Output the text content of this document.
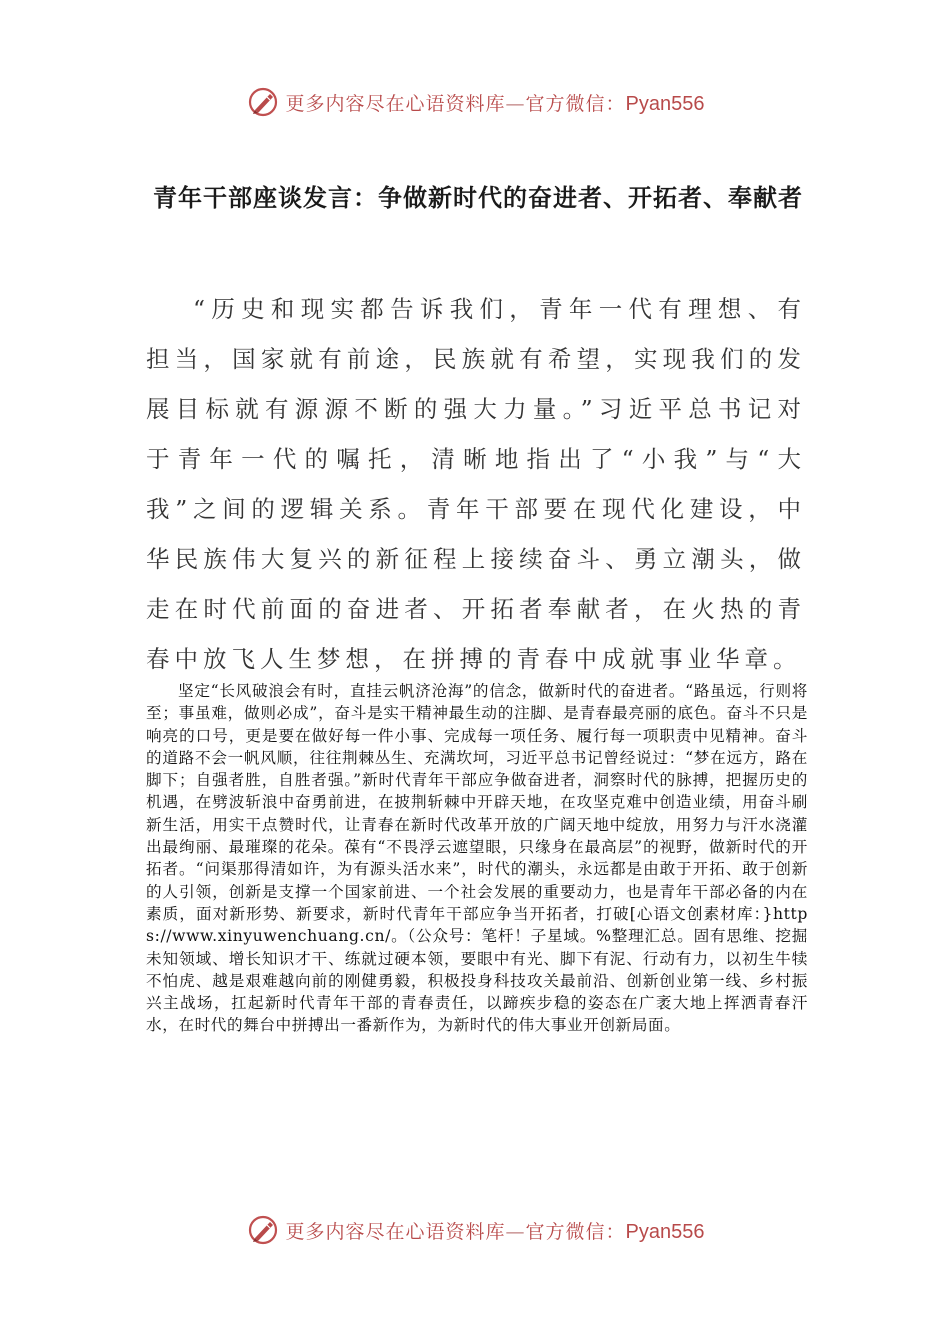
更多内容尽在心语资料库—官方微信：Pyan556
青年干部座谈发言：争做新时代的奋进者、开拓者、奉献者

“历史和现实都告诉我们，青年一代有理想、有担当，国家就有前途，民族就有希望，实现我们的发展目标就有源源不断的强大力量。”习近平总书记对于青年一代的嘱托，清晰地指出了“小我”与“大我”之间的逻辑关系。青年干部要在现代化建设，中华民族伟大复兴的新征程上接续奋斗、勇立潮头，做走在时代前面的奋进者、开拓者奉献者，在火热的青春中放飞人生梦想，在拼搏的青春中成就事业华章。

坚定“长风破浪会有时，直挂云帆济沧海”的信念，做新时代的奋进者。“路虽远，行则将至；事虽难，做则必成”，奋斗是实干精神最生动的注脚、是青春最亮丽的底色。奋斗不只是响亮的口号，更是要在做好每一件小事、完成每一项任务、履行每一项职责中见精神。奋斗的道路不会一帆风顺，往往荆棘丛生、充满坎坷，习近平总书记曾经说过：“梦在远方，路在脚下；自强者胜，自胜者强。”新时代青年干部应争做奋进者，洞察时代的脉搏，把握历史的机遇，在劈波斩浪中奋勇前进，在披荆斩棘中开辟天地，在攻坚克难中创造业绩，用奋斗刷新生活，用实干点赞时代，让青春在新时代改革开放的广阔天地中绽放，用努力与汗水浇灌出最绚丽、最璀璨的花朵。葆有“不畏浮云遮望眼，只缘身在最高层”的视野，做新时代的开拓者。“问渠那得清如许，为有源头活水来”，时代的潮头，永远都是由敢于开拓、敢于创新的人引领，创新是支撑一个国家前进、一个社会发展的重要动力，也是青年干部必备的内在素质，面对新形势、新要求，新时代青年干部应争当开拓者，打破[心语文创素材库：}https://www.xinyuwenchuang.cn/。（公众号：笔杆！子星域。%整理汇总。固有思维、挖掘未知领域、增长知识才干、练就过硬本领，要眼中有光、脚下有泥、行动有力，以初生牛犊不怕虎、越是艰难越向前的刚健勇毅，积极投身科技攻关最前沿、创新创业第一线、乡村振兴主战场，扛起新时代青年干部的青春责任，以蹄疾步稳的姿态在广袤大地上挥洒青春汗水，在时代的舞台中拼搏出一番新作为，为新时代的伟大事业开创新局面。

更多内容尽在心语资料库—官方微信：Pyan556
